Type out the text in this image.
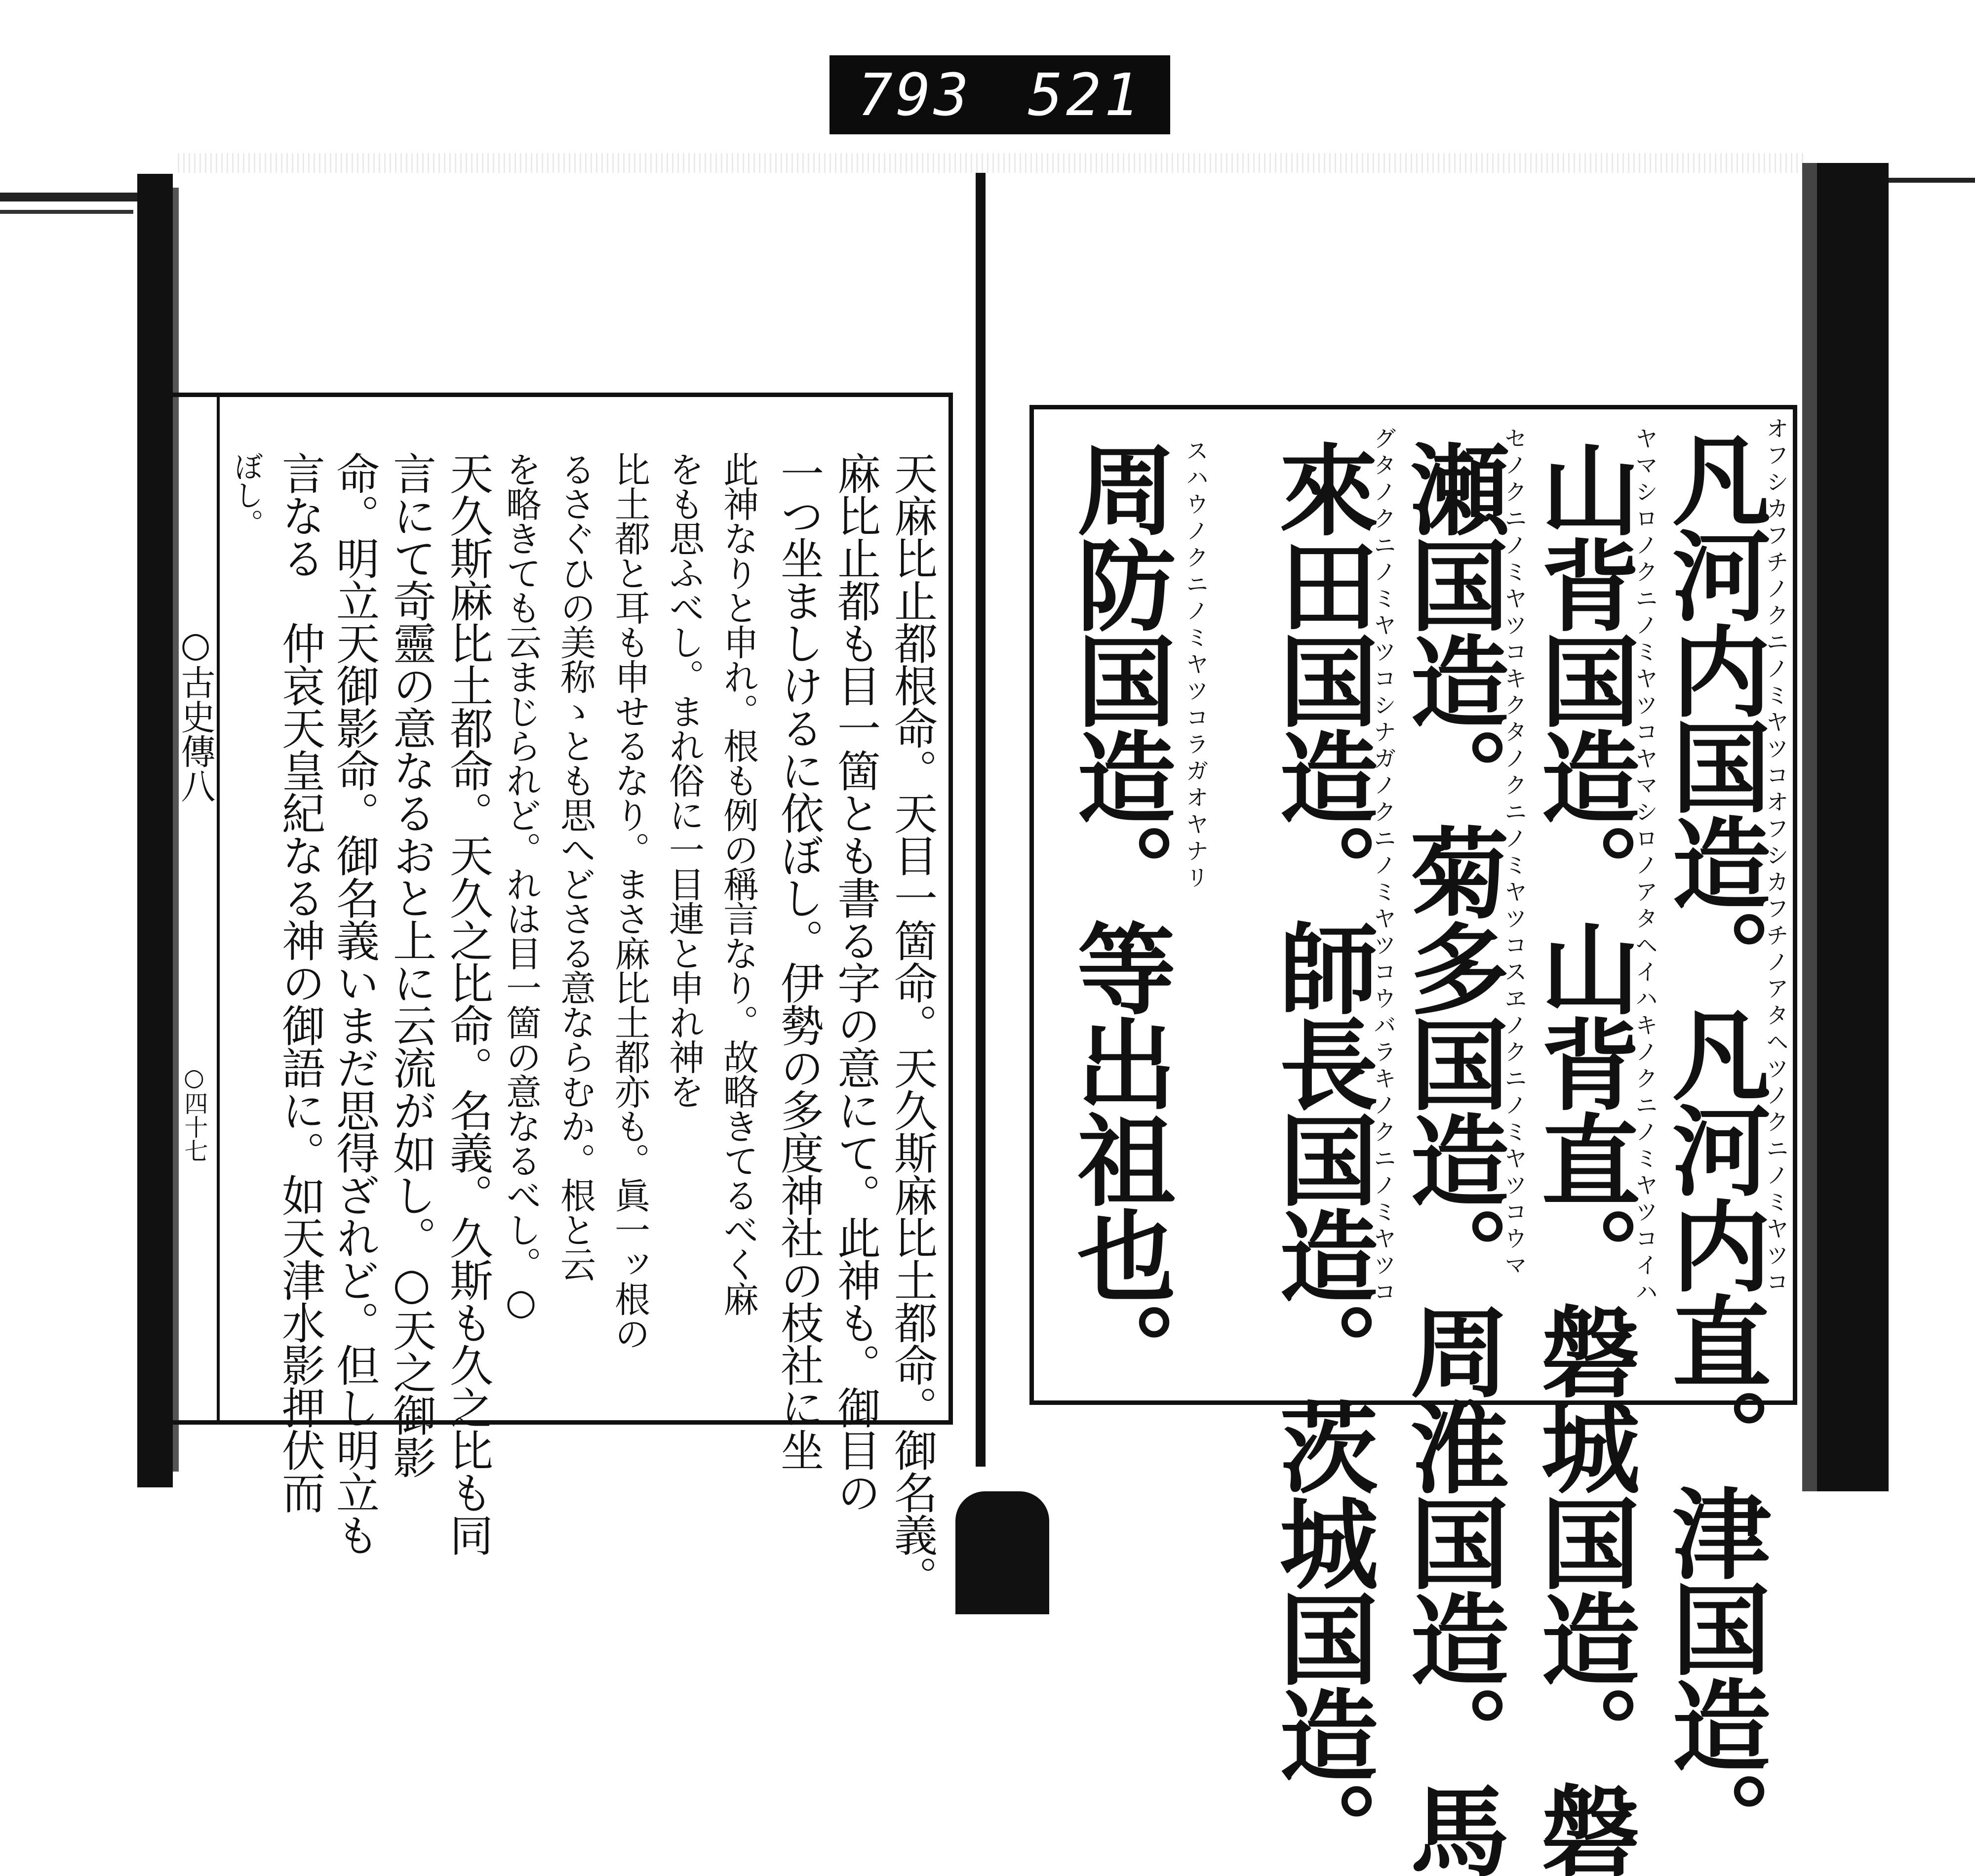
793 521
○古史傳八
○四十七	天麻比止都根命。天目一箇命。天久斯麻比土都命。御名義。
麻比止都も目一箇とも書る字の意にて。此神も。御目の
一つ坐ましけるに依ぼし。伊勢の多度神社の枝社に坐
此神なりと申れ。根も例の稱言なり。故略きてるべく麻
をも思ふべし。まれ俗に一目連と申れ神を
比土都と耳も申せるなり。まさ麻比土都亦も。眞一ッ根の
るさぐひの美称ゝとも思へどさる意ならむか。根と云
を略きても云まじられど。れは目一箇の意なるべし。○
天久斯麻比土都命。天久之比命。名義。久斯も久之比も同
言にて奇靈の意なるおと上に云流が如し。○天之御影
命。明立天御影命。御名義いまだ思得ざれど。但し明立も
言なる　仲哀天皇紀なる神の御語に。如天津水影押伏而
ぼし。	凡河内国造。凡河内直。津国造。
オフシカフチノクニノミヤツコオフシカフチノアタヘツノクニノミヤツコ
山背国造。山背直。磐城国造。磐
ヤマシロノクニノミヤツコヤマシロノアタヘイハキノクニノミヤツコイハ
瀬国造。菊多国造。周淮国造。馬
セノクニノミヤツコキクタノクニノミヤツコスヱノクニノミヤツコウマ
來田国造。師長国造。茨城国造。
グタノクニノミヤツコシナガノクニノミヤツコウバラキノクニノミヤツコ
周防国造。等出祖也。 スハウノクニノミヤツコラガオヤナリ
